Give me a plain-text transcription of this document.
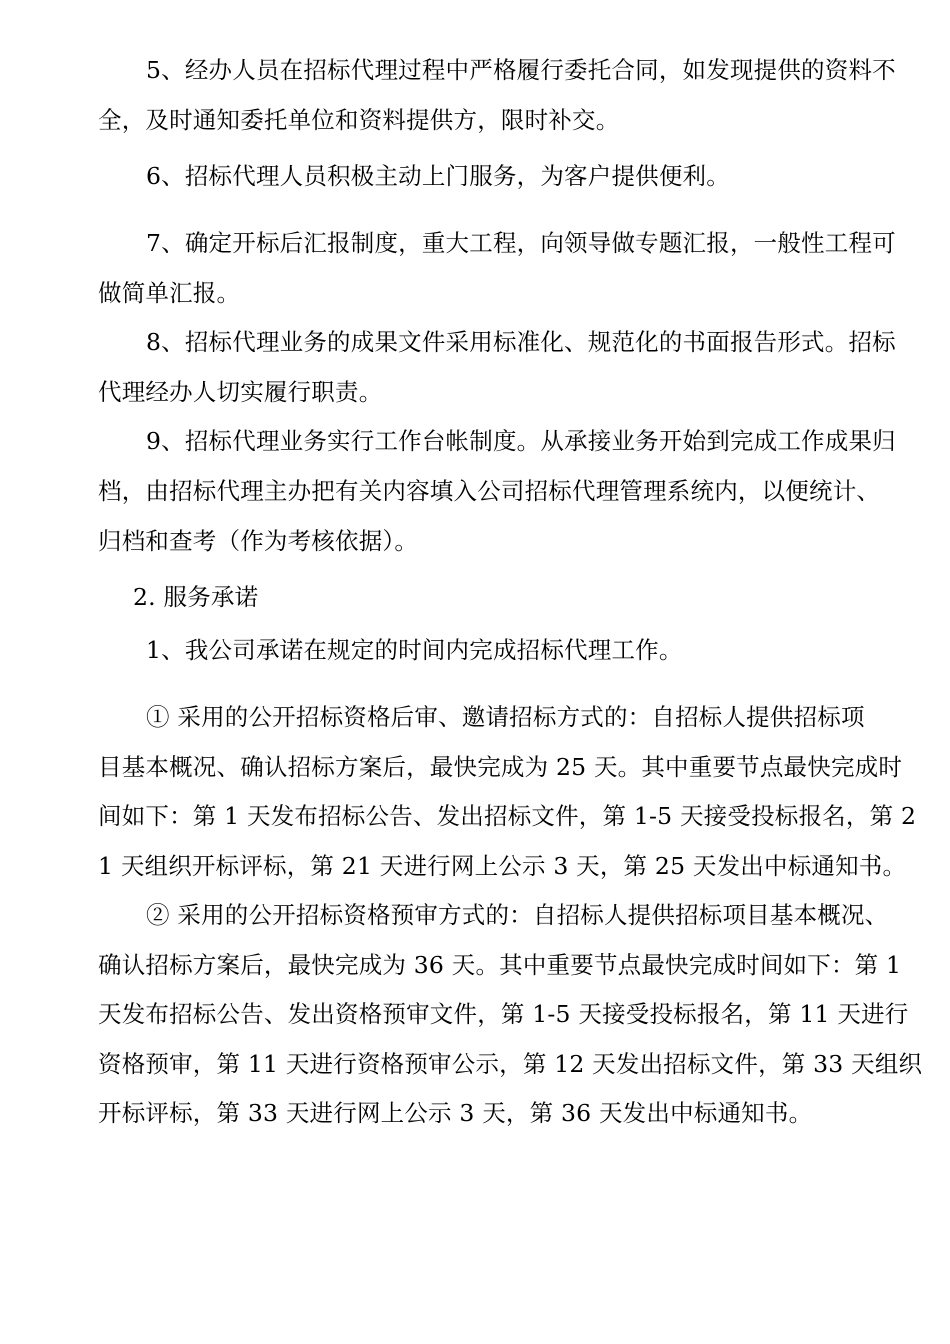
5、经办人员在招标代理过程中严格履行委托合同，如发现提供的资料不
全，及时通知委托单位和资料提供方，限时补交。
6、招标代理人员积极主动上门服务，为客户提供便利。
7、确定开标后汇报制度，重大工程，向领导做专题汇报，一般性工程可
做简单汇报。
8、招标代理业务的成果文件采用标准化、规范化的书面报告形式。招标
代理经办人切实履行职责。
9、招标代理业务实行工作台帐制度。从承接业务开始到完成工作成果归
档，由招标代理主办把有关内容填入公司招标代理管理系统内，以便统计、
归档和查考（作为考核依据）。
2. 服务承诺
1、我公司承诺在规定的时间内完成招标代理工作。
① 采用的公开招标资格后审、邀请招标方式的：自招标人提供招标项
目基本概况、确认招标方案后，最快完成为 25 天。其中重要节点最快完成时
间如下：第 1 天发布招标公告、发出招标文件，第 1-5 天接受投标报名，第 2
1 天组织开标评标，第 21 天进行网上公示 3 天，第 25 天发出中标通知书。
② 采用的公开招标资格预审方式的：自招标人提供招标项目基本概况、
确认招标方案后，最快完成为 36 天。其中重要节点最快完成时间如下：第 1
天发布招标公告、发出资格预审文件，第 1-5 天接受投标报名，第 11 天进行
资格预审，第 11 天进行资格预审公示，第 12 天发出招标文件，第 33 天组织
开标评标，第 33 天进行网上公示 3 天，第 36 天发出中标通知书。
